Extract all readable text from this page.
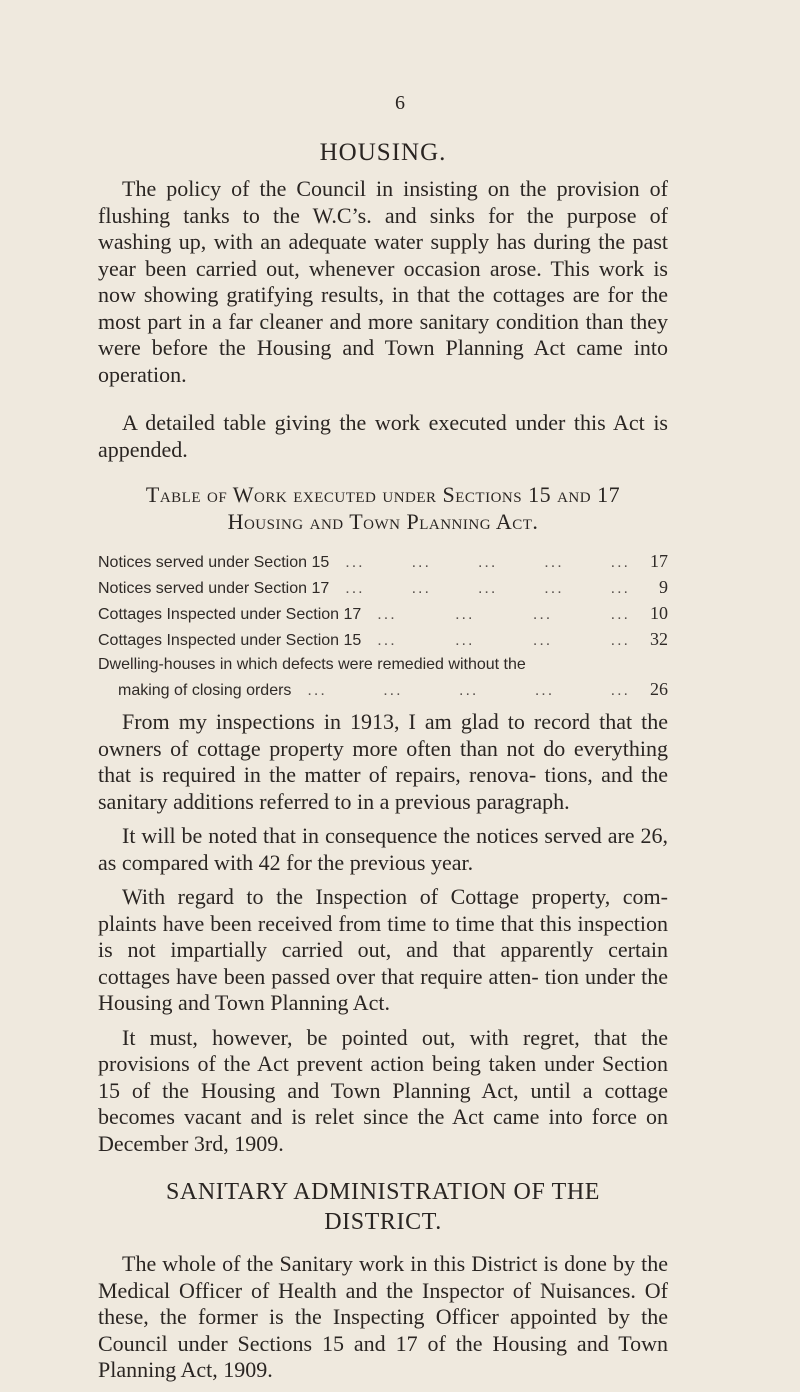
6
HOUSING.

The policy of the Council in insisting on the provision of flushing tanks to the W.C’s. and sinks for the purpose of washing up, with an adequate water supply has during the past year been carried out, whenever occasion arose. This work is now showing gratifying results, in that the cottages are for the most part in a far cleaner and more sanitary condition than they were before the Housing and Town Planning Act came into operation.

A detailed table giving the work executed under this Act is appended.

Table of Work executed under Sections 15 and 17
Housing and Town Planning Act.
Notices served under Section 15	... ... ... ... ...	17
Notices served under Section 17	... ... ... ... ...	9
Cottages Inspected under Section 17	... ... ... ...	10
Cottages Inspected under Section 15	... ... ... ...	32
Dwelling-houses in which defects were remedied without the
making of closing orders	... ... ... ... ...	26

From my inspections in 1913, I am glad to record that the owners of cottage property more often than not do everything that is required in the matter of repairs, renova- tions, and the sanitary additions referred to in a previous paragraph.

It will be noted that in consequence the notices served are 26, as compared with 42 for the previous year.

With regard to the Inspection of Cottage property, com- plaints have been received from time to time that this inspection is not impartially carried out, and that apparently certain cottages have been passed over that require atten- tion under the Housing and Town Planning Act.

It must, however, be pointed out, with regret, that the provisions of the Act prevent action being taken under Section 15 of the Housing and Town Planning Act, until a cottage becomes vacant and is relet since the Act came into force on December 3rd, 1909.

SANITARY ADMINISTRATION OF THE
DISTRICT.

The whole of the Sanitary work in this District is done by the Medical Officer of Health and the Inspector of Nuisances. Of these, the former is the Inspecting Officer appointed by the Council under Sections 15 and 17 of the Housing and Town Planning Act, 1909.
